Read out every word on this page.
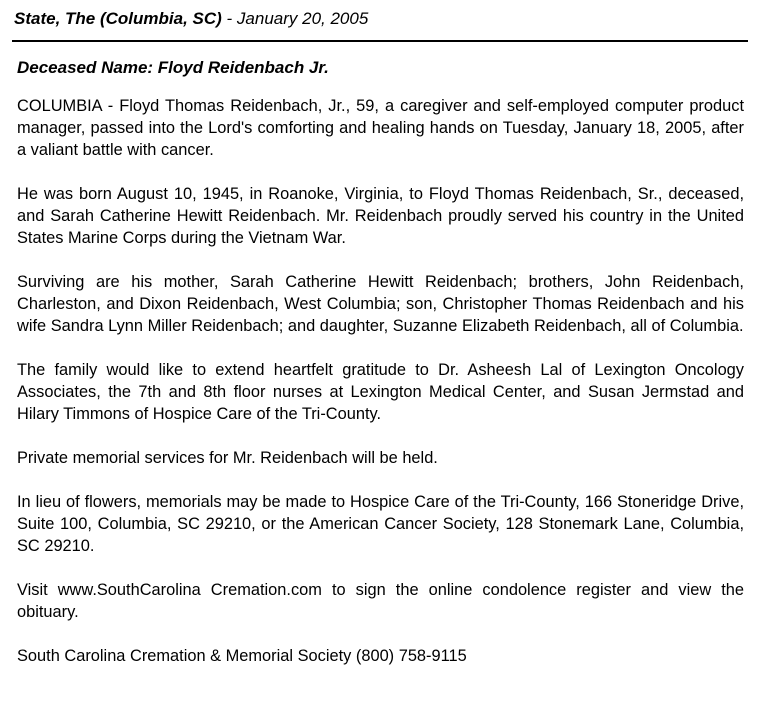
State, The (Columbia, SC) - January 20, 2005
Deceased Name: Floyd Reidenbach Jr.

COLUMBIA - Floyd Thomas Reidenbach, Jr., 59, a caregiver and self-employed computer product manager, passed into the Lord's comforting and healing hands on Tuesday, January 18, 2005, after a valiant battle with cancer.

He was born August 10, 1945, in Roanoke, Virginia, to Floyd Thomas Reidenbach, Sr., deceased, and Sarah Catherine Hewitt Reidenbach. Mr. Reidenbach proudly served his country in the United States Marine Corps during the Vietnam War.

Surviving are his mother, Sarah Catherine Hewitt Reidenbach; brothers, John Reidenbach, Charleston, and Dixon Reidenbach, West Columbia; son, Christopher Thomas Reidenbach and his wife Sandra Lynn Miller Reidenbach; and daughter, Suzanne Elizabeth Reidenbach, all of Columbia.

The family would like to extend heartfelt gratitude to Dr. Asheesh Lal of Lexington Oncology Associates, the 7th and 8th floor nurses at Lexington Medical Center, and Susan Jermstad and Hilary Timmons of Hospice Care of the Tri-County.

Private memorial services for Mr. Reidenbach will be held.

In lieu of flowers, memorials may be made to Hospice Care of the Tri-County, 166 Stoneridge Drive, Suite 100, Columbia, SC 29210, or the American Cancer Society, 128 Stonemark Lane, Columbia, SC 29210.

Visit www.SouthCarolina Cremation.com to sign the online condolence register and view the obituary.

South Carolina Cremation & Memorial Society (800) 758-9115
